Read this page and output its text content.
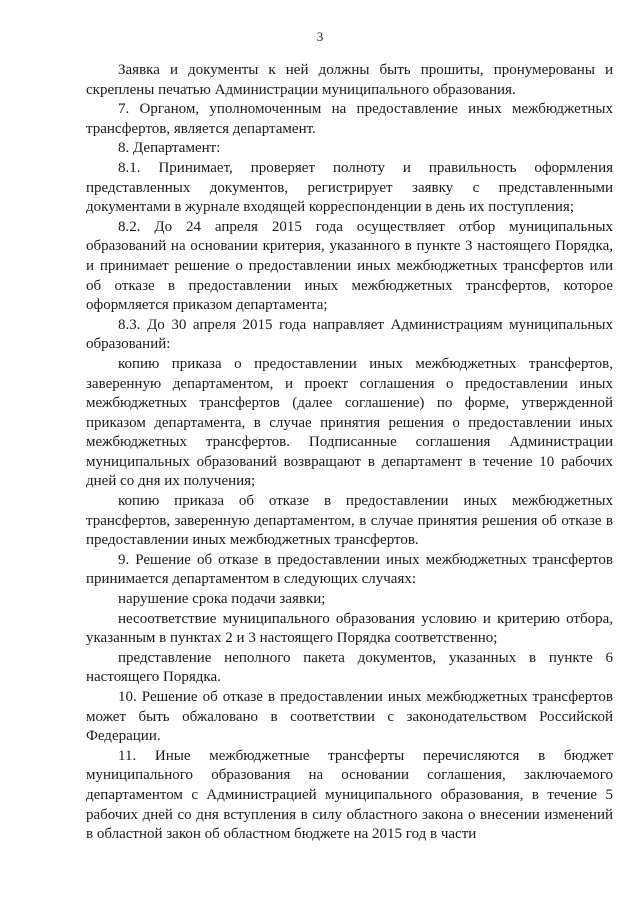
3

Заявка и документы к ней должны быть прошиты, пронумерованы и скреплены печатью Администрации муниципального образования.

7. Органом, уполномоченным на предоставление иных межбюджетных трансфертов, является департамент.

8. Департамент:

8.1. Принимает, проверяет полноту и правильность оформления представленных документов, регистрирует заявку с представленными документами в журнале входящей корреспонденции в день их поступления;

8.2. До 24 апреля 2015 года осуществляет отбор муниципальных образований на основании критерия, указанного в пункте 3 настоящего Порядка, и принимает решение о предоставлении иных межбюджетных трансфертов или об отказе в предоставлении иных межбюджетных трансфертов, которое оформляется приказом департамента;

8.3. До 30 апреля 2015 года направляет Администрациям муниципальных образований:

копию приказа о предоставлении иных межбюджетных трансфертов, заверенную департаментом, и проект соглашения о предоставлении иных межбюджетных трансфертов (далее соглашение) по форме, утвержденной приказом департамента, в случае принятия решения о предоставлении иных межбюджетных трансфертов. Подписанные соглашения Администрации муниципальных образований возвращают в департамент в течение 10 рабочих дней со дня их получения;

копию приказа об отказе в предоставлении иных межбюджетных трансфертов, заверенную департаментом, в случае принятия решения об отказе в предоставлении иных межбюджетных трансфертов.

9. Решение об отказе в предоставлении иных межбюджетных трансфертов принимается департаментом в следующих случаях:

нарушение срока подачи заявки;

несоответствие муниципального образования условию и критерию отбора, указанным в пунктах 2 и 3 настоящего Порядка соответственно;

представление неполного пакета документов, указанных в пункте 6 настоящего Порядка.

10. Решение об отказе в предоставлении иных межбюджетных трансфертов может быть обжаловано в соответствии с законодательством Российской Федерации.

11. Иные межбюджетные трансферты перечисляются в бюджет муниципального образования на основании соглашения, заключаемого департаментом с Администрацией муниципального образования, в течение 5 рабочих дней со дня вступления в силу областного закона о внесении изменений в областной закон об областном бюджете на 2015 год в части
